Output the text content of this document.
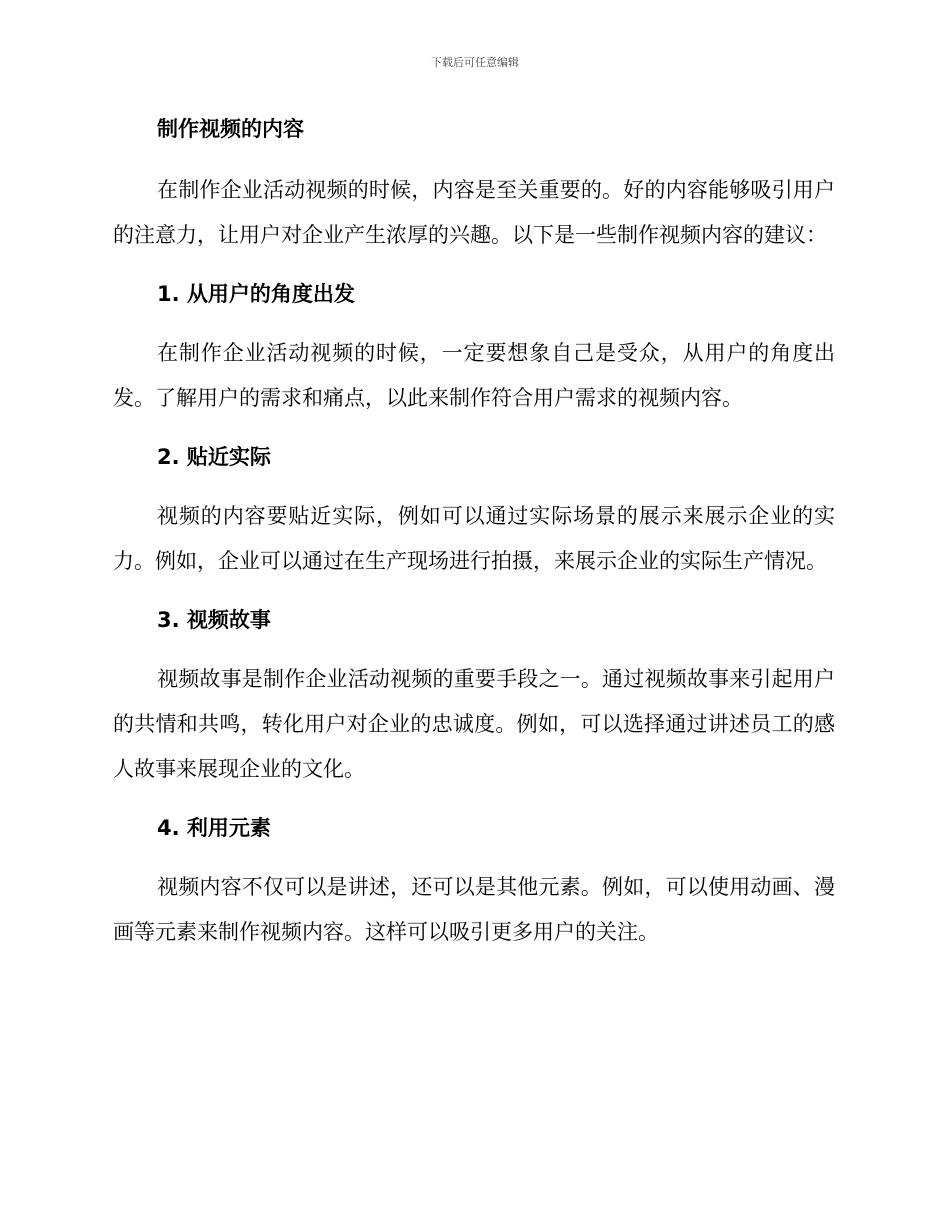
下载后可任意编辑
制作视频的内容

在制作企业活动视频的时候，内容是至关重要的。好的内容能够吸引用户的注意力，让用户对企业产生浓厚的兴趣。以下是一些制作视频内容的建议：

1. 从用户的角度出发

在制作企业活动视频的时候，一定要想象自己是受众，从用户的角度出发。了解用户的需求和痛点，以此来制作符合用户需求的视频内容。

2. 贴近实际

视频的内容要贴近实际，例如可以通过实际场景的展示来展示企业的实力。例如，企业可以通过在生产现场进行拍摄，来展示企业的实际生产情况。

3. 视频故事

视频故事是制作企业活动视频的重要手段之一。通过视频故事来引起用户的共情和共鸣，转化用户对企业的忠诚度。例如，可以选择通过讲述员工的感人故事来展现企业的文化。

4. 利用元素

视频内容不仅可以是讲述，还可以是其他元素。例如，可以使用动画、漫画等元素来制作视频内容。这样可以吸引更多用户的关注。
